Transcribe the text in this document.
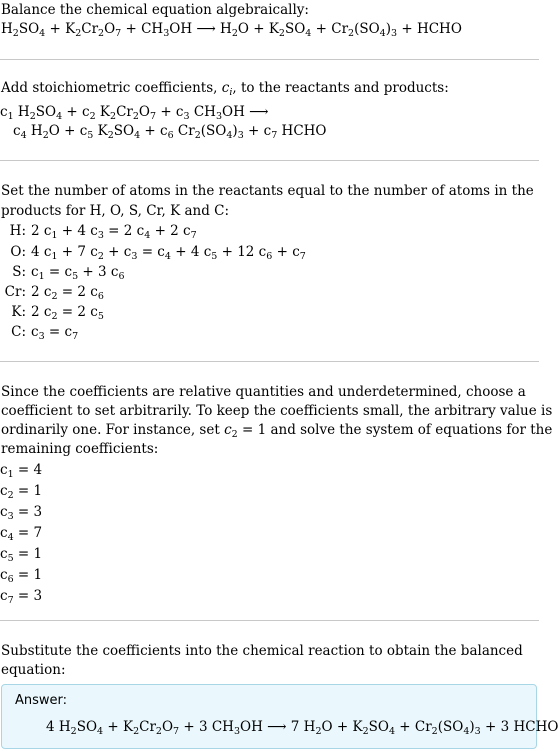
Balance the chemical equation algebraically:
$H_2SO_4 + K_2Cr_2O_7 + CH_3OH$ ⟶ $H_2O + K_2SO_4 + Cr_2(SO_4)_3$ + HCHO
Add stoichiometric coefficients, $c_i$, to the reactants and products:
$c_1$ $H_2SO_4 + c_2$ $K_2Cr_2O_7 + c_3$ $CH_3OH$ ⟶
$c_4$ $H_2O + c_5$ $K_2SO_4 + c_6$ $Cr_2(SO_4)_3 + c_7$ HCHO
Set the number of atoms in the reactants equal to the number of atoms in the
products for H, O, S, Cr, K and C:
H: 2 $c_1 + 4$ $c_3 = 2$ $c_4 + 2$ $c_7$
O: 4 $c_1 + 7$ $c_2 + c_3 = c_4 + 4$ $c_5 + 12$ $c_6 + c_7$
S: $c_1 = c_5 + 3$ $c_6$
Cr: 2 $c_2 = 2$ $c_6$
K: 2 $c_2 = 2$ $c_5$
C: $c_3 = c_7$
Since the coefficients are relative quantities and underdetermined, choose a
coefficient to set arbitrarily. To keep the coefficients small, the arbitrary value is
ordinarily one. For instance, set $c_2 = 1$ and solve the system of equations for the
remaining coefficients:
$c_1 = 4$
$c_2 = 1$
$c_3 = 3$
$c_4 = 7$
$c_5 = 1$
$c_6 = 1$
$c_7 = 3$
Substitute the coefficients into the chemical reaction to obtain the balanced
equation:
Answer:
4 $H_2SO_4 + K_2Cr_2O_7 + 3$ $CH_3OH$ ⟶ 7 $H_2O + K_2SO_4 + Cr_2(SO_4)_3 + 3$ HCHO
